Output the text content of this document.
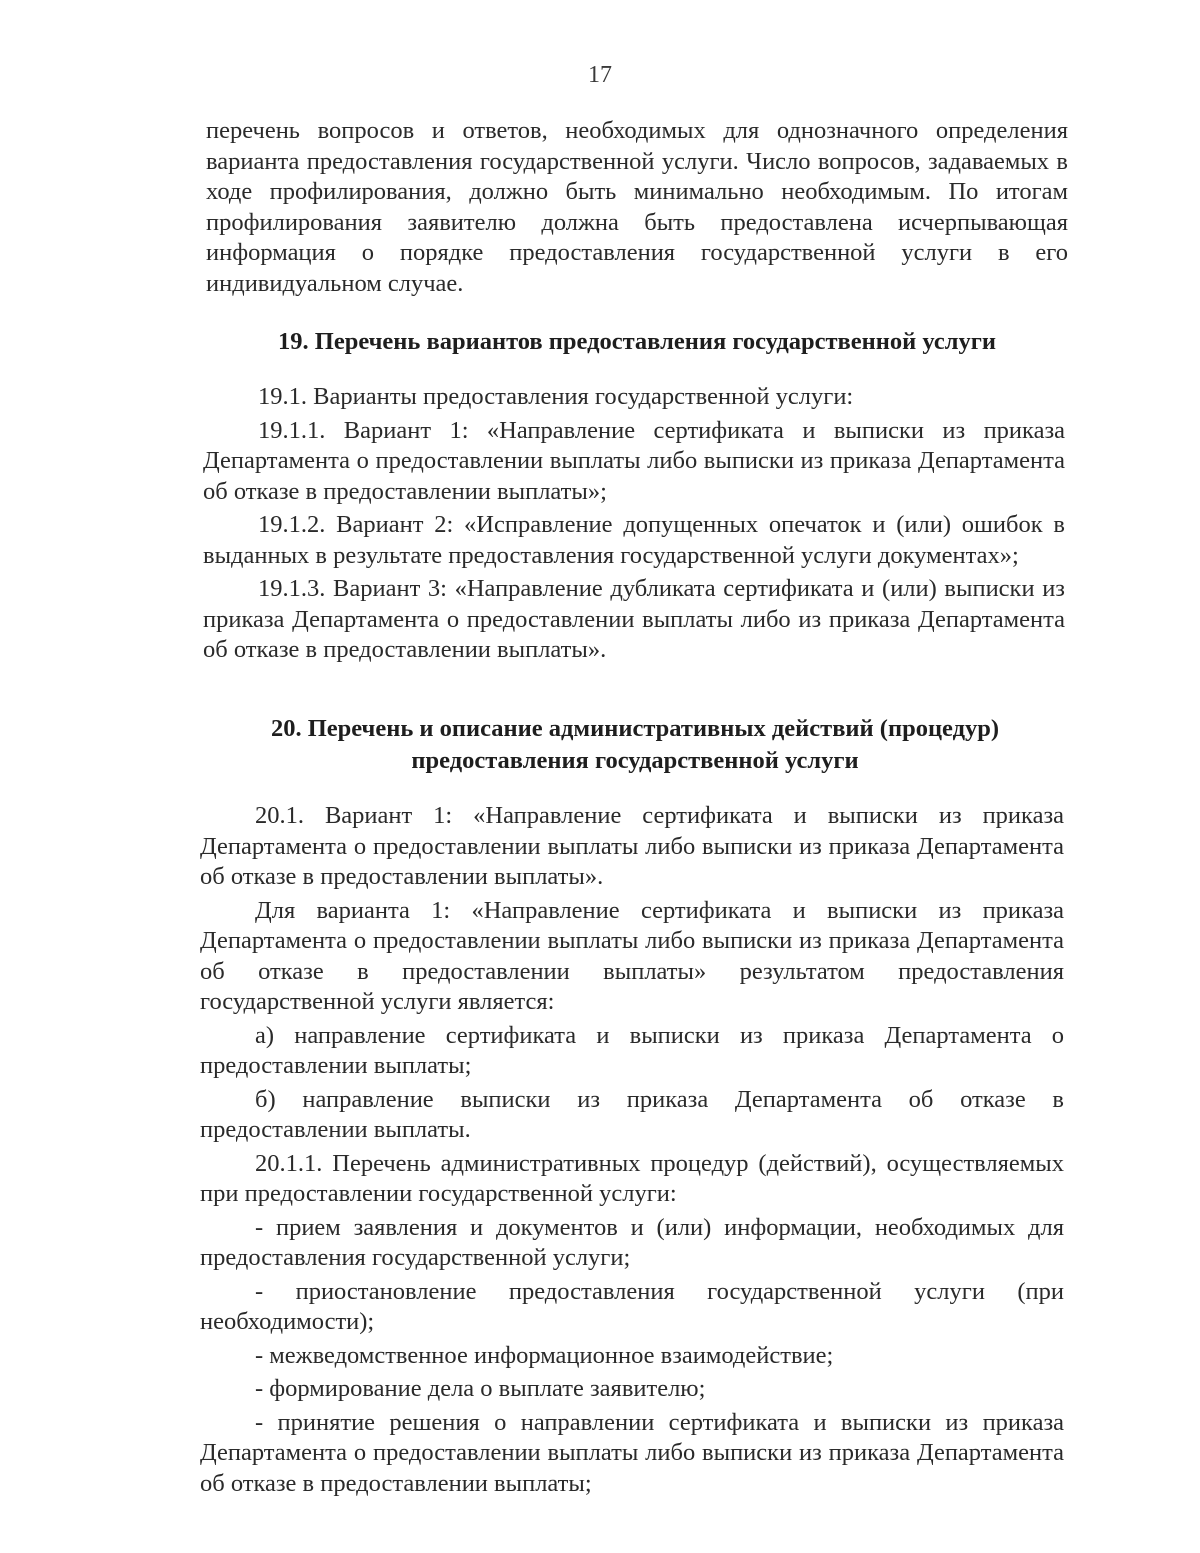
17

перечень вопросов и ответов, необходимых для однозначного определения варианта предоставления государственной услуги. Число вопросов, задаваемых в ходе профилирования, должно быть минимально необходимым. По итогам профилирования заявителю должна быть предоставлена исчерпывающая информация о порядке предоставления государственной услуги в его индивидуальном случае.

19. Перечень вариантов предоставления государственной услуги

19.1. Варианты предоставления государственной услуги:

19.1.1. Вариант 1: «Направление сертификата и выписки из приказа Департамента о предоставлении выплаты либо выписки из приказа Департамента об отказе в предоставлении выплаты»;

19.1.2. Вариант 2: «Исправление допущенных опечаток и (или) ошибок в выданных в результате предоставления государственной услуги документах»;

19.1.3. Вариант 3: «Направление дубликата сертификата и (или) выписки из приказа Департамента о предоставлении выплаты либо из приказа Департамента об отказе в предоставлении выплаты».

20. Перечень и описание административных действий (процедур)
предоставления государственной услуги

20.1. Вариант 1: «Направление сертификата и выписки из приказа Департамента о предоставлении выплаты либо выписки из приказа Департамента об отказе в предоставлении выплаты».

Для варианта 1: «Направление сертификата и выписки из приказа Департамента о предоставлении выплаты либо выписки из приказа Департамента об отказе в предоставлении выплаты» результатом предоставления государственной услуги является:

а) направление сертификата и выписки из приказа Департамента о предоставлении выплаты;

б) направление выписки из приказа Департамента об отказе в предоставлении выплаты.

20.1.1. Перечень административных процедур (действий), осуществляемых при предоставлении государственной услуги:

- прием заявления и документов и (или) информации, необходимых для предоставления государственной услуги;

- приостановление предоставления государственной услуги (при необходимости);

- межведомственное информационное взаимодействие;

- формирование дела о выплате заявителю;

- принятие решения о направлении сертификата и выписки из приказа Департамента о предоставлении выплаты либо выписки из приказа Департамента об отказе в предоставлении выплаты;
